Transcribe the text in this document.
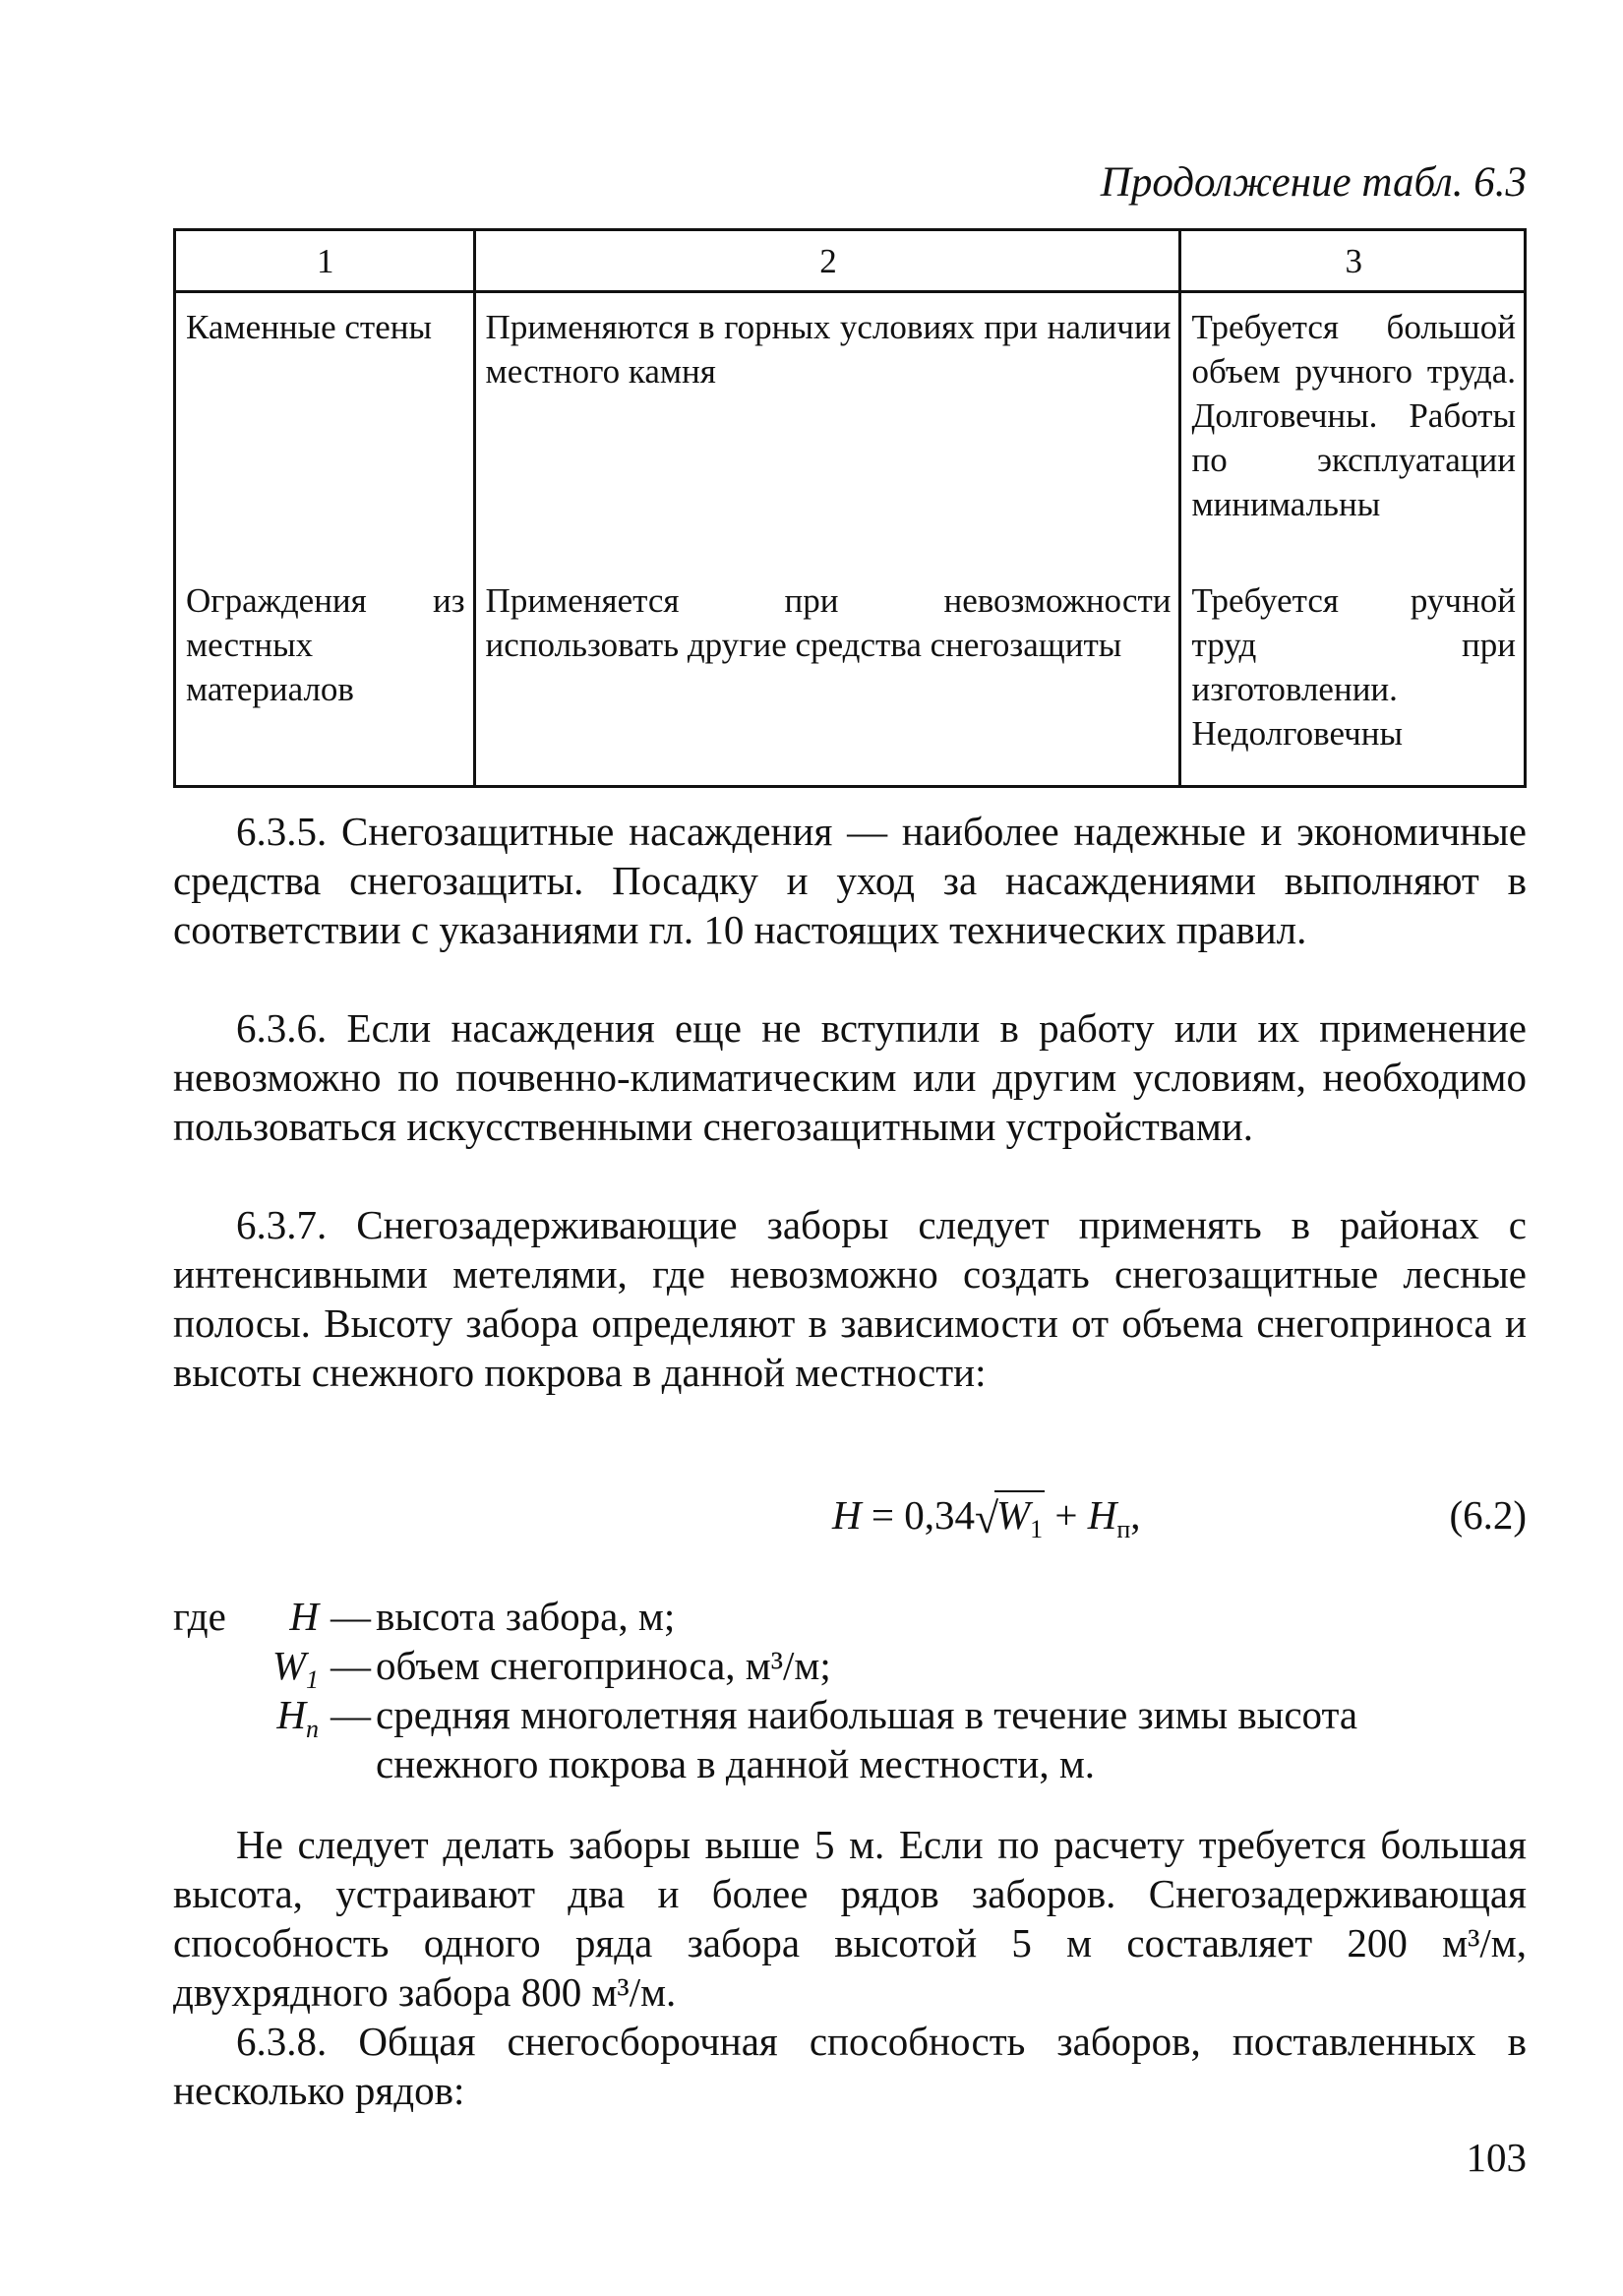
Продолжение табл. 6.3
1	2	3
Каменные стены	Применяются в горных условиях при наличии местного камня	Требуется большой объем ручного труда. Долговечны. Работы по эксплуатации минимальны
Ограждения из местных материалов	Применяется при невозможности использовать другие средства снегозащиты	Требуется ручной труд при изготовлении. Недолговечны

6.3.5. Снегозащитные насаждения — наиболее надежные и экономичные средства снегозащиты. Посадку и уход за насаждениями выполняют в соответствии с указаниями гл. 10 настоящих технических правил.

6.3.6. Если насаждения еще не вступили в работу или их применение невозможно по почвенно-климатическим или другим условиям, необходимо пользоваться искусственными снегозащитными устройствами.

6.3.7. Снегозадерживающие заборы следует применять в районах с интенсивными метелями, где невозможно создать снегозащитные лесные полосы. Высоту забора определяют в зависимости от объема снегоприноса и высоты снежного покрова в данной местности:

H = 0,34 √
$W_1 + H_п$,	(6.2)
где	H — высота забора, м;
$W_1$ — объем снегоприноса, м³/м;
$H_п$ — средняя многолетняя наибольшая в течение зимы высота снежного покрова в данной местности, м.

Не следует делать заборы выше 5 м. Если по расчету требуется большая высота, устраивают два и более рядов заборов. Снегозадерживающая способность одного ряда забора высотой 5 м составляет 200 м³/м, двухрядного забора 800 м³/м.

6.3.8. Общая снегосборочная способность заборов, поставленных в несколько рядов:

103
